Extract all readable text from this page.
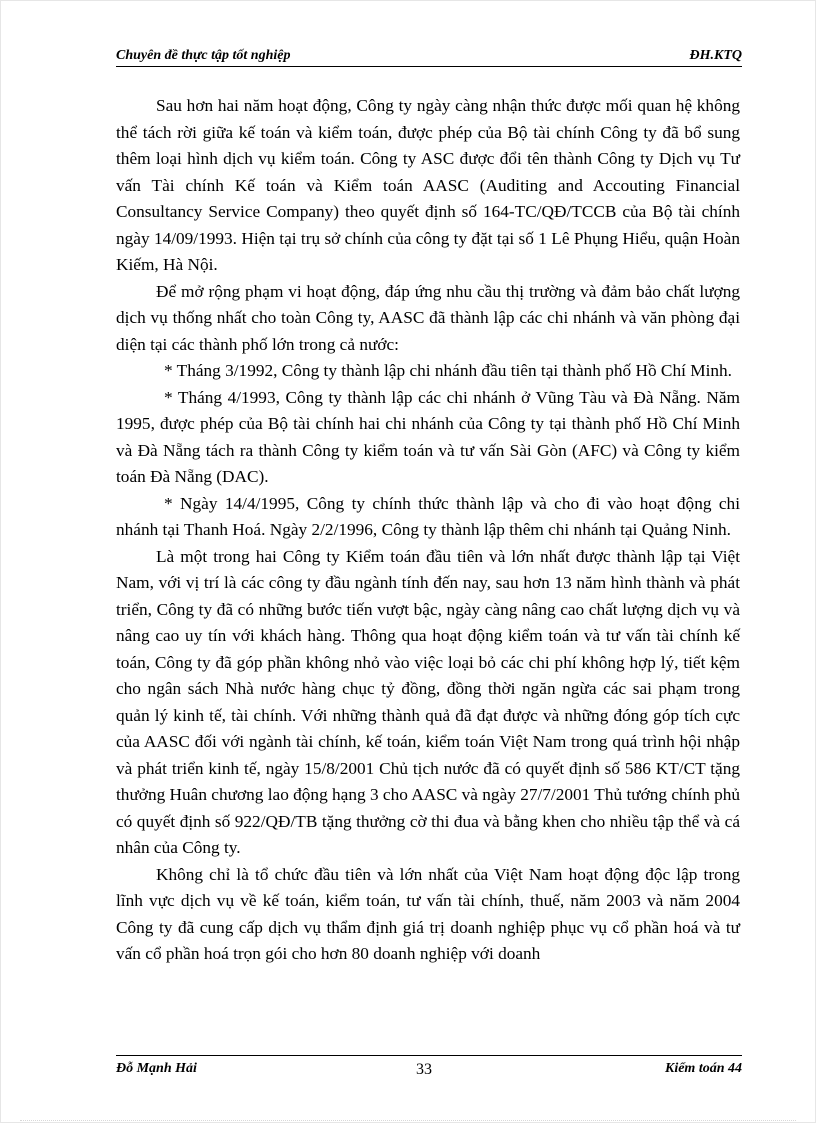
Chuyên đề thực tập tốt nghiệp	ĐH.KTQ

Sau hơn hai năm hoạt động, Công ty ngày càng nhận thức được mối quan hệ không thể tách rời giữa kế toán và kiểm toán, được phép của Bộ tài chính Công ty đã bổ sung thêm loại hình dịch vụ kiểm toán. Công ty ASC được đổi tên thành Công ty Dịch vụ Tư vấn Tài chính Kế toán và Kiểm toán AASC (Auditing and Accouting Financial Consultancy Service Company) theo quyết định số 164-TC/QĐ/TCCB của Bộ tài chính ngày 14/09/1993. Hiện tại trụ sở chính của công ty đặt tại số 1 Lê Phụng Hiểu, quận Hoàn Kiếm, Hà Nội.

Để mở rộng phạm vi hoạt động, đáp ứng nhu cầu thị trường và đảm bảo chất lượng dịch vụ thống nhất cho toàn Công ty, AASC đã thành lập các chi nhánh và văn phòng đại diện tại các thành phố lớn trong cả nước:

* Tháng 3/1992, Công ty thành lập chi nhánh đầu tiên tại thành phố Hồ Chí Minh.

* Tháng 4/1993, Công ty thành lập các chi nhánh ở Vũng Tàu và Đà Nẵng. Năm 1995, được phép của Bộ tài chính hai chi nhánh của Công ty tại thành phố Hồ Chí Minh và Đà Nẵng tách ra thành Công ty kiểm toán và tư vấn Sài Gòn (AFC) và Công ty kiểm toán Đà Nẵng (DAC).

* Ngày 14/4/1995, Công ty chính thức thành lập và cho đi vào hoạt động chi nhánh tại Thanh Hoá. Ngày 2/2/1996, Công ty thành lập thêm chi nhánh tại Quảng Ninh.

Là một trong hai Công ty Kiểm toán đầu tiên và lớn nhất được thành lập tại Việt Nam, với vị trí là các công ty đầu ngành tính đến nay, sau hơn 13 năm hình thành và phát triển, Công ty đã có những bước tiến vượt bậc, ngày càng nâng cao chất lượng dịch vụ và nâng cao uy tín với khách hàng. Thông qua hoạt động kiểm toán và tư vấn tài chính kế toán, Công ty đã góp phần không nhỏ vào việc loại bỏ các chi phí không hợp lý, tiết kệm cho ngân sách Nhà nước hàng chục tỷ đồng, đồng thời ngăn ngừa các sai phạm trong quản lý kinh tế, tài chính. Với những thành quả đã đạt được và những đóng góp tích cực của AASC đối với ngành tài chính, kế toán, kiểm toán Việt Nam trong quá trình hội nhập và phát triển kinh tế, ngày 15/8/2001 Chủ tịch nước đã có quyết định số 586 KT/CT tặng thưởng Huân chương lao động hạng 3 cho AASC và ngày 27/7/2001 Thủ tướng chính phủ có quyết định số 922/QĐ/TB tặng thưởng cờ thi đua và bằng khen cho nhiều tập thể và cá nhân của Công ty.

Không chỉ là tổ chức đầu tiên và lớn nhất của Việt Nam hoạt động độc lập trong lĩnh vực dịch vụ về kế toán, kiểm toán, tư vấn tài chính, thuế, năm 2003 và năm 2004 Công ty đã cung cấp dịch vụ thẩm định giá trị doanh nghiệp phục vụ cổ phần hoá và tư vấn cổ phần hoá trọn gói cho hơn 80 doanh nghiệp với doanh

Đỗ Mạnh Hải	33	Kiểm toán 44
